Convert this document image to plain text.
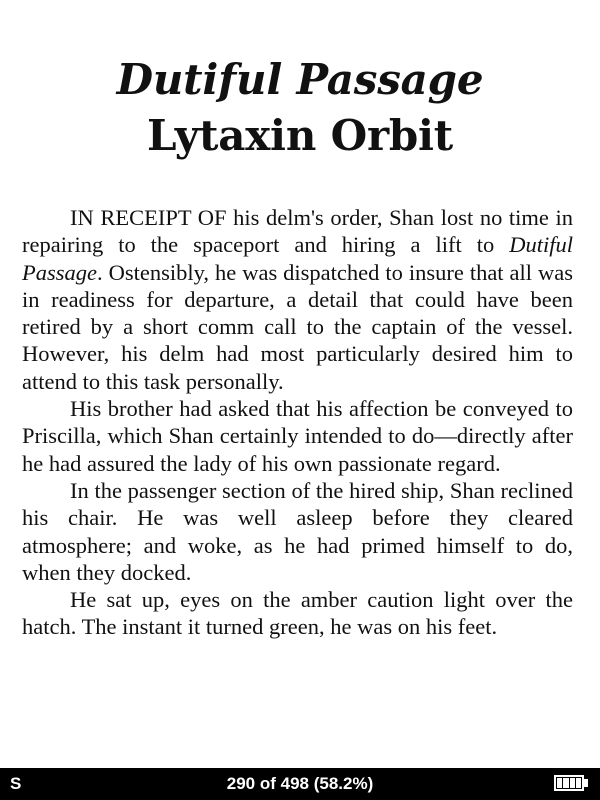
Dutiful Passage
Lytaxin Orbit

IN RECEIPT OF his delm's order, Shan lost no time in repairing to the spaceport and hiring a lift to Dutiful Passage. Ostensibly, he was dispatched to insure that all was in readiness for departure, a detail that could have been retired by a short comm call to the captain of the vessel. However, his delm had most particularly desired him to attend to this task personally.

His brother had asked that his affection be conveyed to Priscilla, which Shan certainly intended to do—directly after he had assured the lady of his own passionate regard.

In the passenger section of the hired ship, Shan reclined his chair. He was well asleep before they cleared atmosphere; and woke, as he had primed himself to do, when they docked.

He sat up, eyes on the amber caution light over the hatch. The instant it turned green, he was on his feet.

S	290 of 498 (58.2%)
